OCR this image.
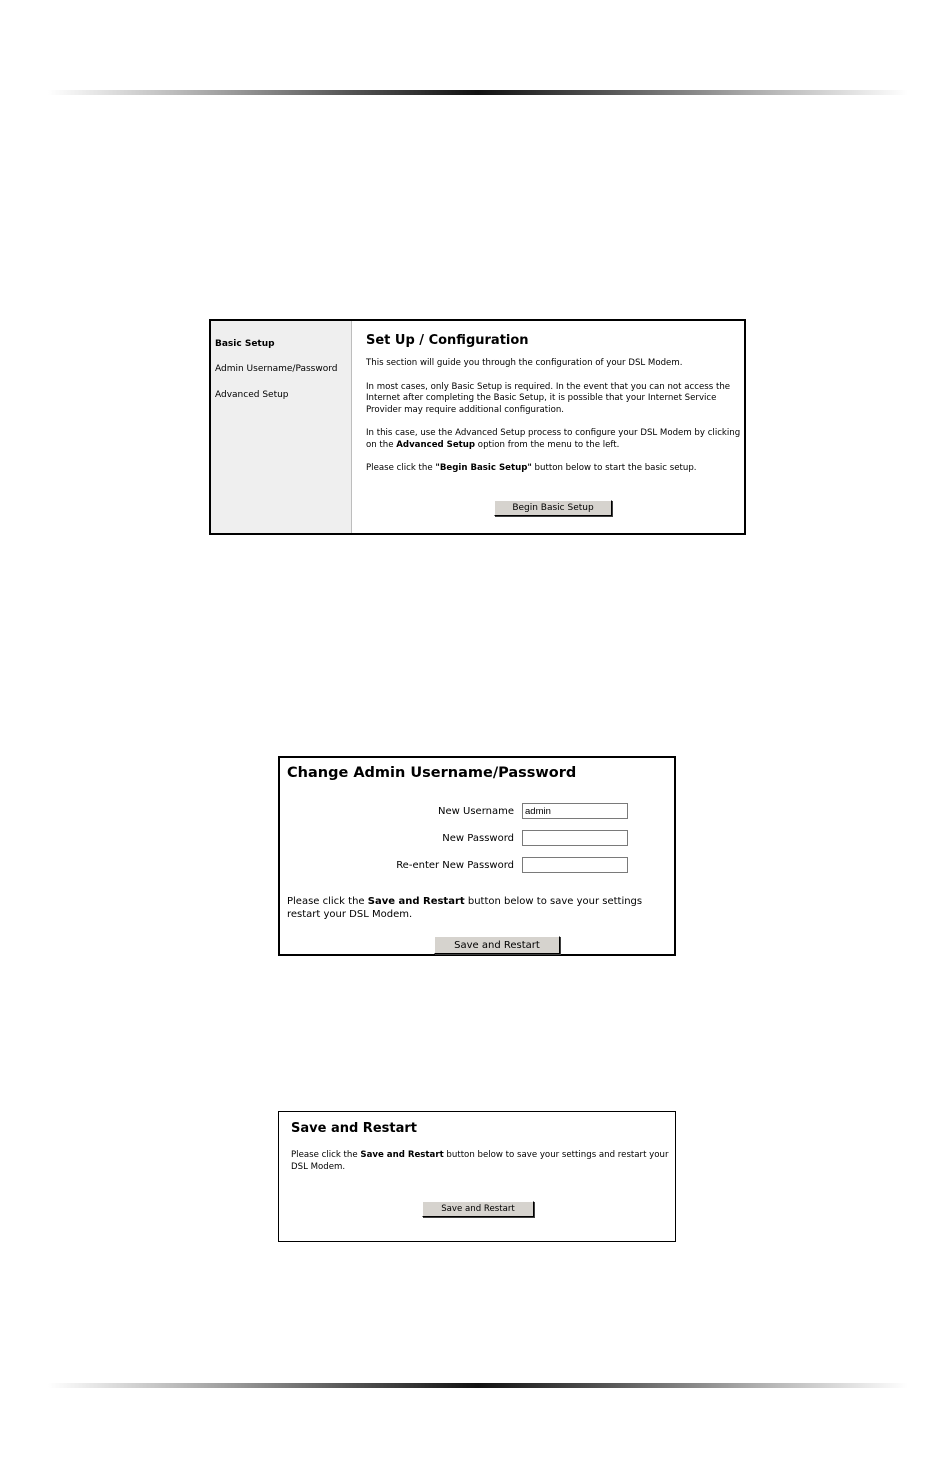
Basic Setup
Admin Username/Password
Advanced Setup
Set Up / Configuration

This section will guide you through the configuration of your DSL Modem.

In most cases, only Basic Setup is required. In the event that you can not access the Internet after completing the Basic Setup, it is possible that your Internet Service Provider may require additional configuration.

In this case, use the Advanced Setup process to configure your DSL Modem by clicking on the Advanced Setup option from the menu to the left.

Please click the "Begin Basic Setup" button below to start the basic setup.

Begin Basic Setup
Change Admin Username/Password
New Username
admin
New Password
Re-enter New Password

Please click the Save and Restart button below to save your settings restart your DSL Modem.

Save and Restart
Save and Restart

Please click the Save and Restart button below to save your settings and restart your DSL Modem.

Save and Restart
